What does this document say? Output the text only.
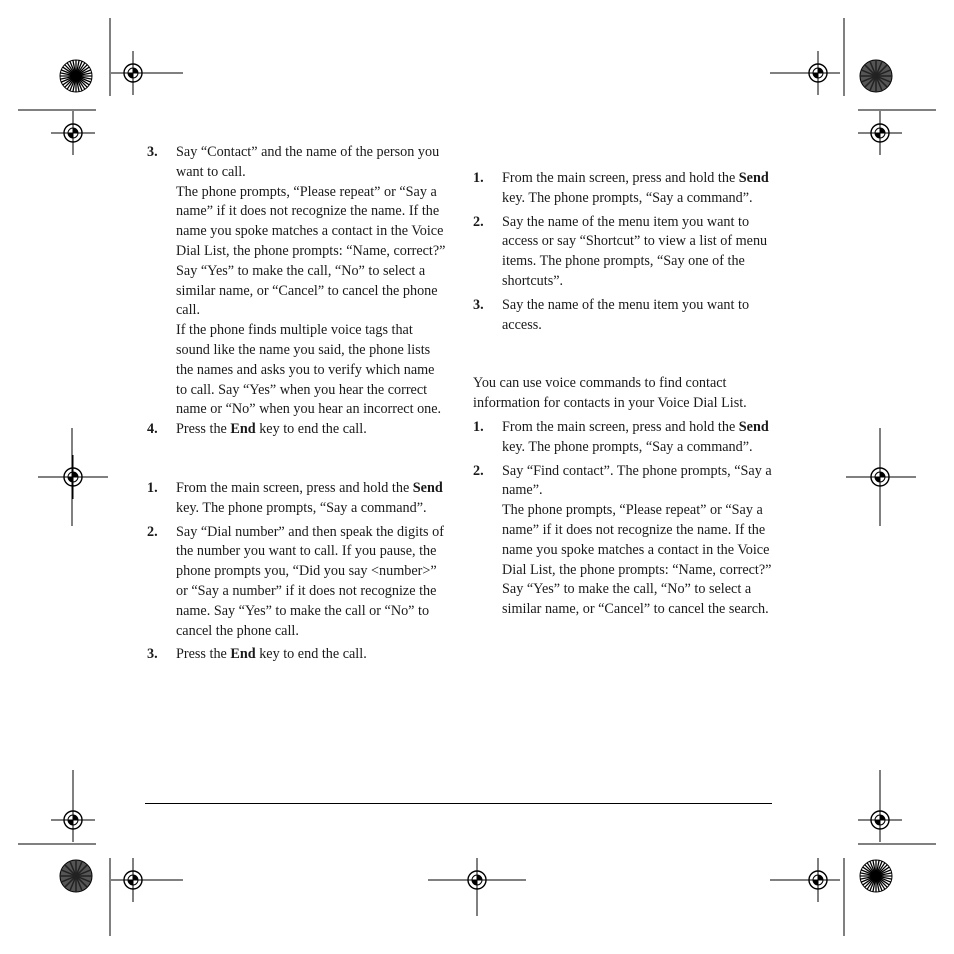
3. Say “Contact” and the name of the person you want to call.

The phone prompts, “Please repeat” or “Say a name” if it does not recognize the name. If the name you spoke matches a contact in the Voice Dial List, the phone prompts: “Name, correct?” Say “Yes” to make the call, “No” to select a similar name, or “Cancel” to cancel the phone call.

If the phone finds multiple voice tags that sound like the name you said, the phone lists the names and asks you to verify which name to call. Say “Yes” when you hear the correct name or “No” when you hear an incorrect one.

4. Press the End key to end the call.

1. From the main screen, press and hold the Send key. The phone prompts, “Say a command”.

2. Say “Dial number” and then speak the digits of the number you want to call. If you pause, the phone prompts you, “Did you say <number>” or “Say a number” if it does not recognize the name. Say “Yes” to make the call or “No” to cancel the phone call.

3. Press the End key to end the call.

1. From the main screen, press and hold the Send key. The phone prompts, “Say a command”.

2. Say the name of the menu item you want to access or say “Shortcut” to view a list of menu items. The phone prompts, “Say one of the shortcuts”.

3. Say the name of the menu item you want to access.

You can use voice commands to find contact information for contacts in your Voice Dial List.

1. From the main screen, press and hold the Send key. The phone prompts, “Say a command”.

2. Say “Find contact”. The phone prompts, “Say a name”.

The phone prompts, “Please repeat” or “Say a name” if it does not recognize the name. If the name you spoke matches a contact in the Voice Dial List, the phone prompts: “Name, correct?” Say “Yes” to make the call, “No” to select a similar name, or “Cancel” to cancel the search.
